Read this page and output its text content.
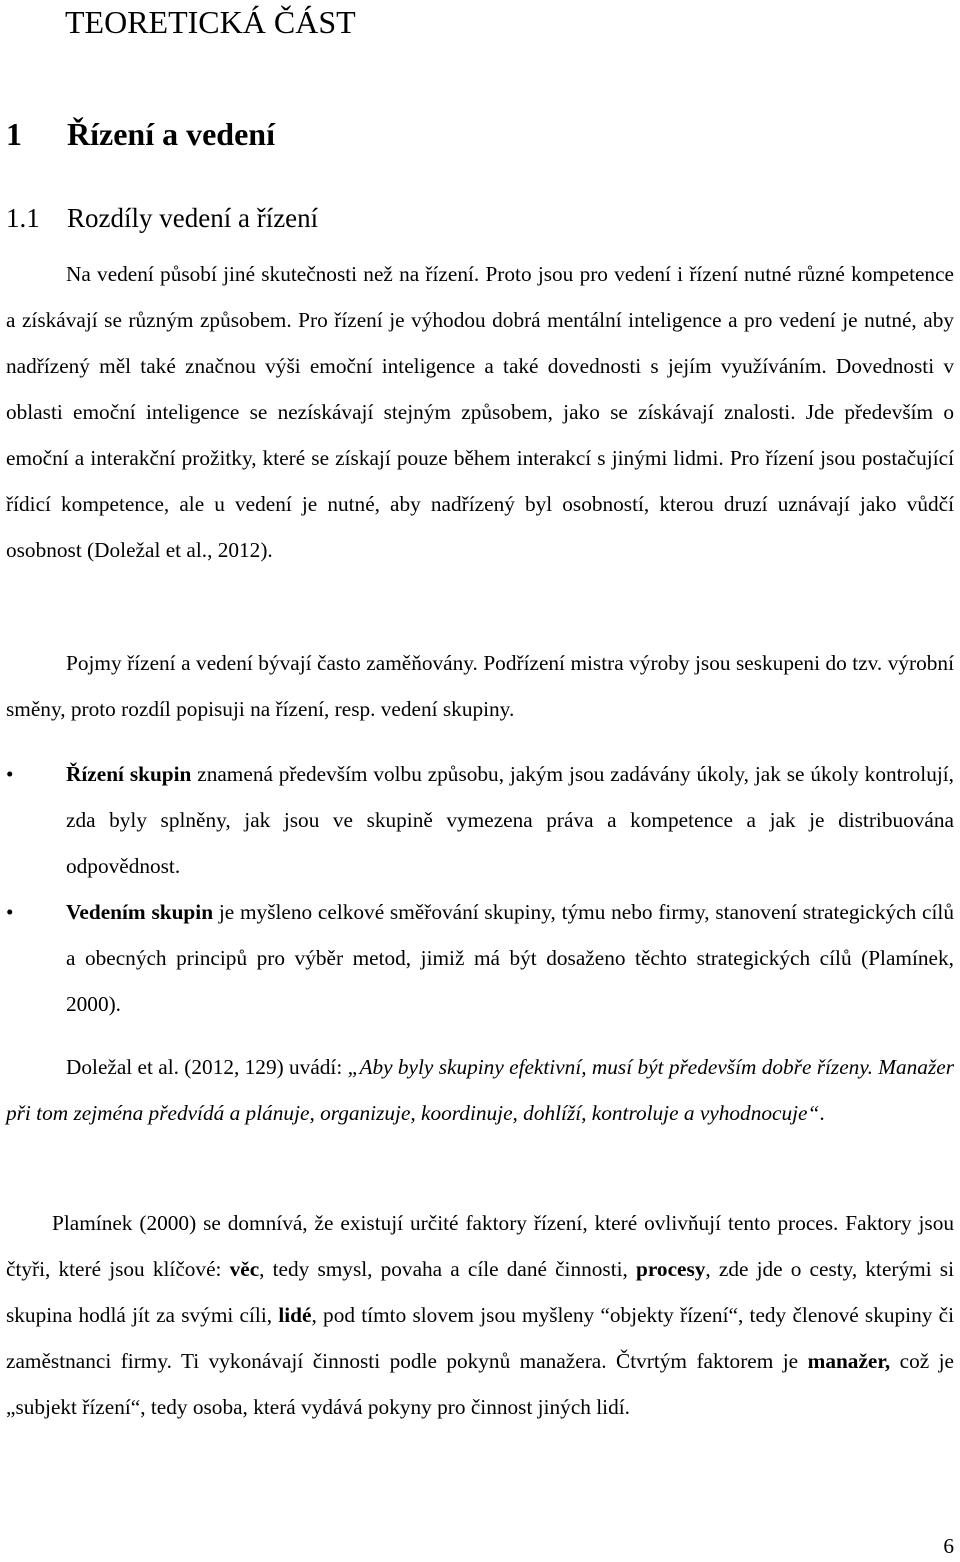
TEORETICKÁ ČÁST
1 Řízení a vedení
1.1 Rozdíly vedení a řízení

Na vedení působí jiné skutečnosti než na řízení. Proto jsou pro vedení i řízení nutné různé kompetence a získávají se různým způsobem. Pro řízení je výhodou dobrá mentální inteligence a pro vedení je nutné, aby nadřízený měl také značnou výši emoční inteligence a také dovednosti s jejím využíváním. Dovednosti v oblasti emoční inteligence se nezískávají stejným způsobem, jako se získávají znalosti. Jde především o emoční a interakční prožitky, které se získají pouze během interakcí s jinými lidmi. Pro řízení jsou postačující řídicí kompetence, ale u vedení je nutné, aby nadřízený byl osobností, kterou druzí uznávají jako vůdčí osobnost (Doležal et al., 2012).

Pojmy řízení a vedení bývají často zaměňovány. Podřízení mistra výroby jsou seskupeni do tzv. výrobní směny, proto rozdíl popisuji na řízení, resp. vedení skupiny.

•	Řízení skupin znamená především volbu způsobu, jakým jsou zadávány úkoly, jak se úkoly kontrolují, zda byly splněny, jak jsou ve skupině vymezena práva a kompetence a jak je distribuována odpovědnost.
•	Vedením skupin je myšleno celkové směřování skupiny, týmu nebo firmy, stanovení strategických cílů a obecných principů pro výběr metod, jimiž má být dosaženo těchto strategických cílů (Plamínek, 2000).

Doležal et al. (2012, 129) uvádí: „Aby byly skupiny efektivní, musí být především dobře řízeny. Manažer při tom zejména předvídá a plánuje, organizuje, koordinuje, dohlíží, kontroluje a vyhodnocuje“.

Plamínek (2000) se domnívá, že existují určité faktory řízení, které ovlivňují tento proces. Faktory jsou čtyři, které jsou klíčové: věc, tedy smysl, povaha a cíle dané činnosti, procesy, zde jde o cesty, kterými si skupina hodlá jít za svými cíli, lidé, pod tímto slovem jsou myšleny “objekty řízení“, tedy členové skupiny či zaměstnanci firmy. Ti vykonávají činnosti podle pokynů manažera. Čtvrtým faktorem je manažer, což je „subjekt řízení“, tedy osoba, která vydává pokyny pro činnost jiných lidí.

6
